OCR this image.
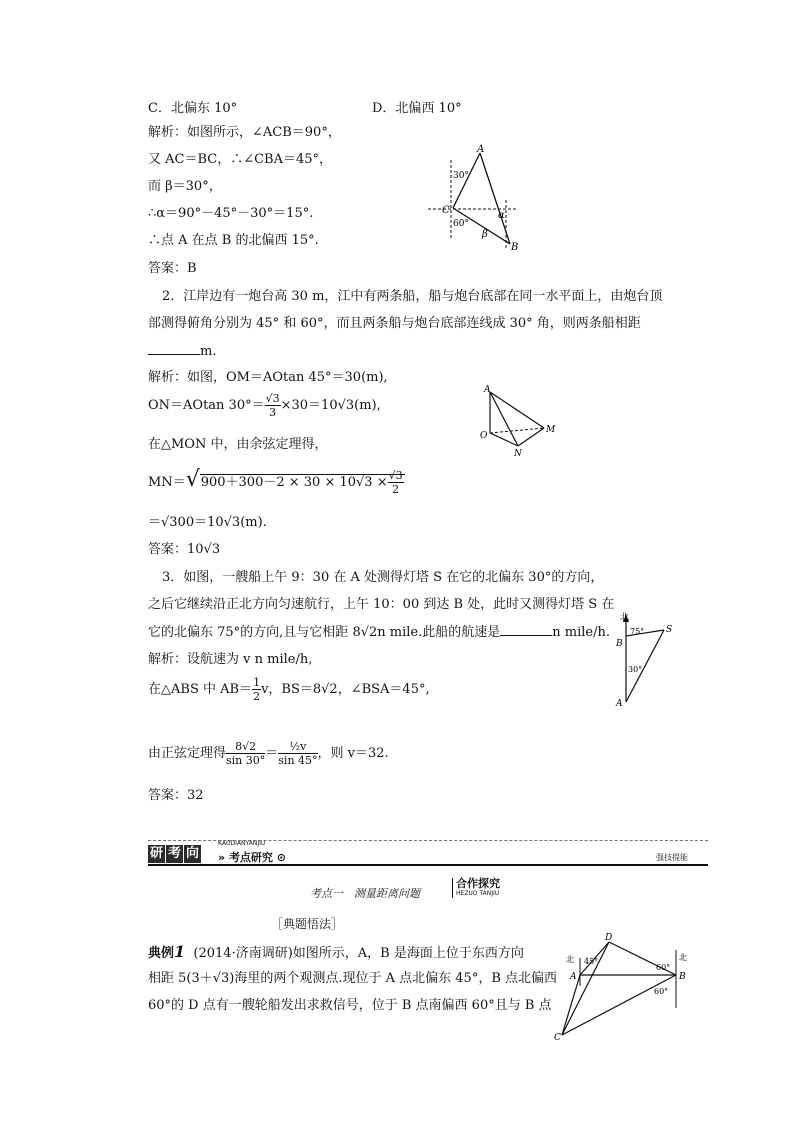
C．北偏东 10°	D．北偏西 10°
解析：如图所示，∠ACB＝90°，
又 AC＝BC，∴∠CBA＝45°，
而 β＝30°，
∴α＝90°－45°－30°＝15°.
∴点 A 在点 B 的北偏西 15°.
答案：B
A
C
B
30°
60°
α
β
2．江岸边有一炮台高 30 m，江中有两条船，船与炮台底部在同一水平面上，由炮台顶
部测得俯角分别为 45° 和 60°，而且两条船与炮台底部连线成 30° 角，则两条船相距
m.
解析：如图，OM＝AOtan 45°＝30(m),
ON＝AOtan $30^\circ= \frac{√3}{3} \times 30=10√3(m)$,
在△MON 中，由余弦定理得，
$MN=√900+300-2 \times 30 \times 10√3 \times \frac{√3}{2}$
＝√300＝10√3(m).
答案：10√3
A
O
N
M
3．如图，一艘船上午 9：30 在 A 处测得灯塔 S 在它的北偏东 30°的方向，
之后它继续沿正北方向匀速航行，上午 10：00 到达 B 处，此时又测得灯塔 S 在
它的北偏东 75°的方向,且与它相距 8√2n mile.此船的航速是	n mile/h.
解析：设航速为 v n mile/h,
在△ABS 中 $AB= \frac{1}{2}$ v，BS＝8√2，∠BSA＝45°,
由正弦定理得 $\frac{8√2}{\sin 30^\circ} = \frac{\text{½v}}{\sin 45^\circ}$ ，则 v＝32.
答案：32
北
B
S
A
75°
30°
研 考 向
KAODIANYANJIU
» 考点研究 ⊙	强技提能
考点一　测量距离问题
合作探究
HEZUO TANJIU
［典题悟法］
典例1 (2014·济南调研)如图所示，A，B 是海面上位于东西方向
相距 5(3＋√3)海里的两个观测点.现位于 A 点北偏东 45°，B 点北偏西
60°的 D 点有一艘轮船发出求救信号，位于 B 点南偏西 60°且与 B 点
D
A	B
C
北	北
45°
60°
60°
